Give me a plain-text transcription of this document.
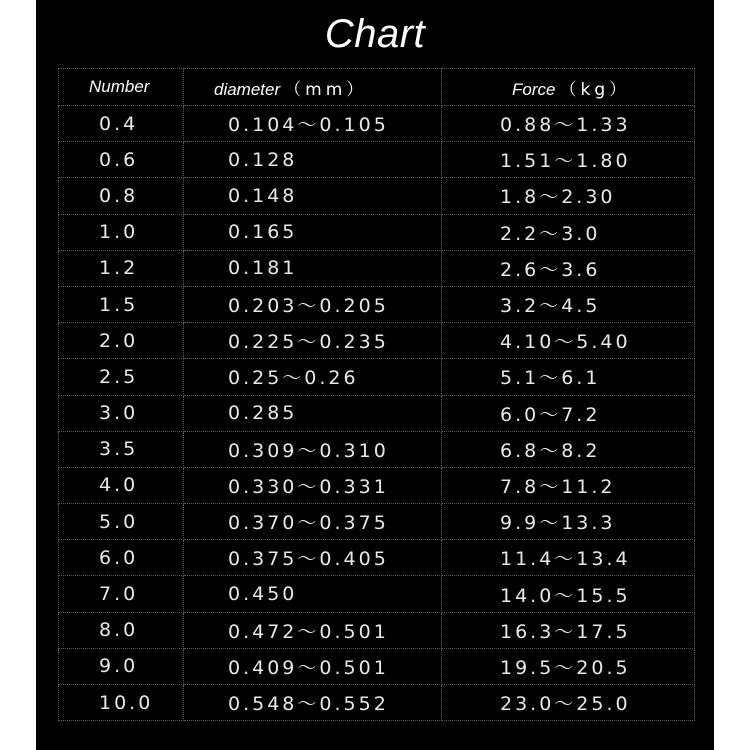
Chart
Number	diameter （mm）	Force （kg）
0.4	0.104～0.105	0.88～1.33
0.6	0.128	1.51～1.80
0.8	0.148	1.8～2.30
1.0	0.165	2.2～3.0
1.2	0.181	2.6～3.6
1.5	0.203～0.205	3.2～4.5
2.0	0.225～0.235	4.10～5.40
2.5	0.25～0.26	5.1～6.1
3.0	0.285	6.0～7.2
3.5	0.309～0.310	6.8～8.2
4.0	0.330～0.331	7.8～11.2
5.0	0.370～0.375	9.9～13.3
6.0	0.375～0.405	11.4～13.4
7.0	0.450	14.0～15.5
8.0	0.472～0.501	16.3～17.5
9.0	0.409～0.501	19.5～20.5
10.0	0.548～0.552	23.0～25.0
